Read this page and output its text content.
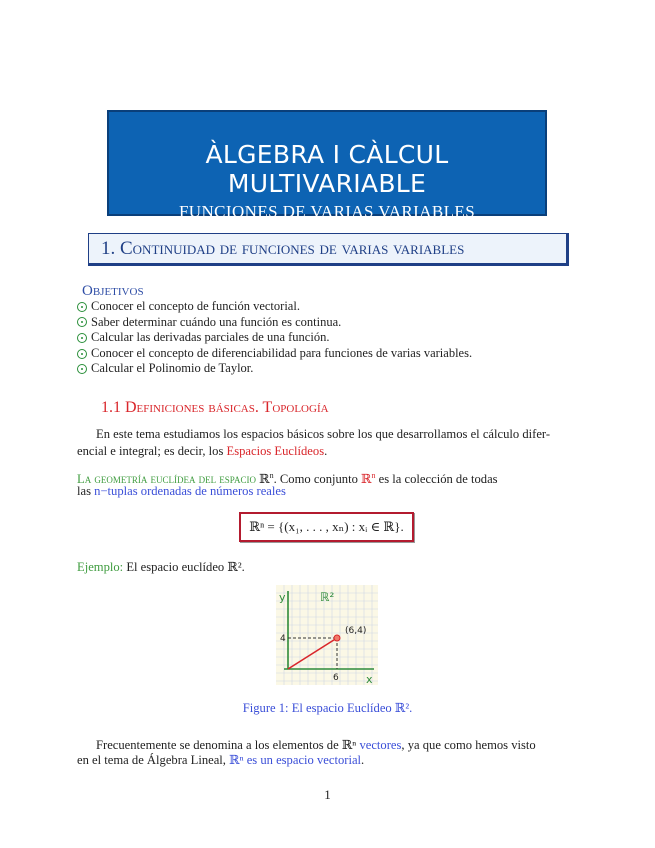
ÀLGEBRA I CÀLCUL MULTIVARIABLE
FUNCIONES DE VARIAS VARIABLES
1. Continuidad de funciones de varias variables
Objetivos
Conocer el concepto de función vectorial.
Saber determinar cuándo una función es continua.
Calcular las derivadas parciales de una función.
Conocer el concepto de diferenciabilidad para funciones de varias variables.
Calcular el Polinomio de Taylor.
1.1 Definiciones básicas. Topología
En este tema estudiamos los espacios básicos sobre los que desarrollamos el cálculo difer-
encial e integral; es decir, los Espacios Euclídeos.
La geometría euclídea del espacio ℝ$^n$. Como conjunto ℝ$^n$ es la colección de todas
las n−tuplas ordenadas de números reales
ℝⁿ = {(x₁, . . . , xₙ) : xᵢ ∈ ℝ}.
Ejemplo: El espacio euclídeo ℝ².
y
x
ℝ²
(6,4)
6
4
Figure 1: El espacio Euclídeo ℝ².
Frecuentemente se denomina a los elementos de ℝⁿ vectores, ya que como hemos visto
en el tema de Álgebra Lineal, ℝⁿ es un espacio vectorial.
1
